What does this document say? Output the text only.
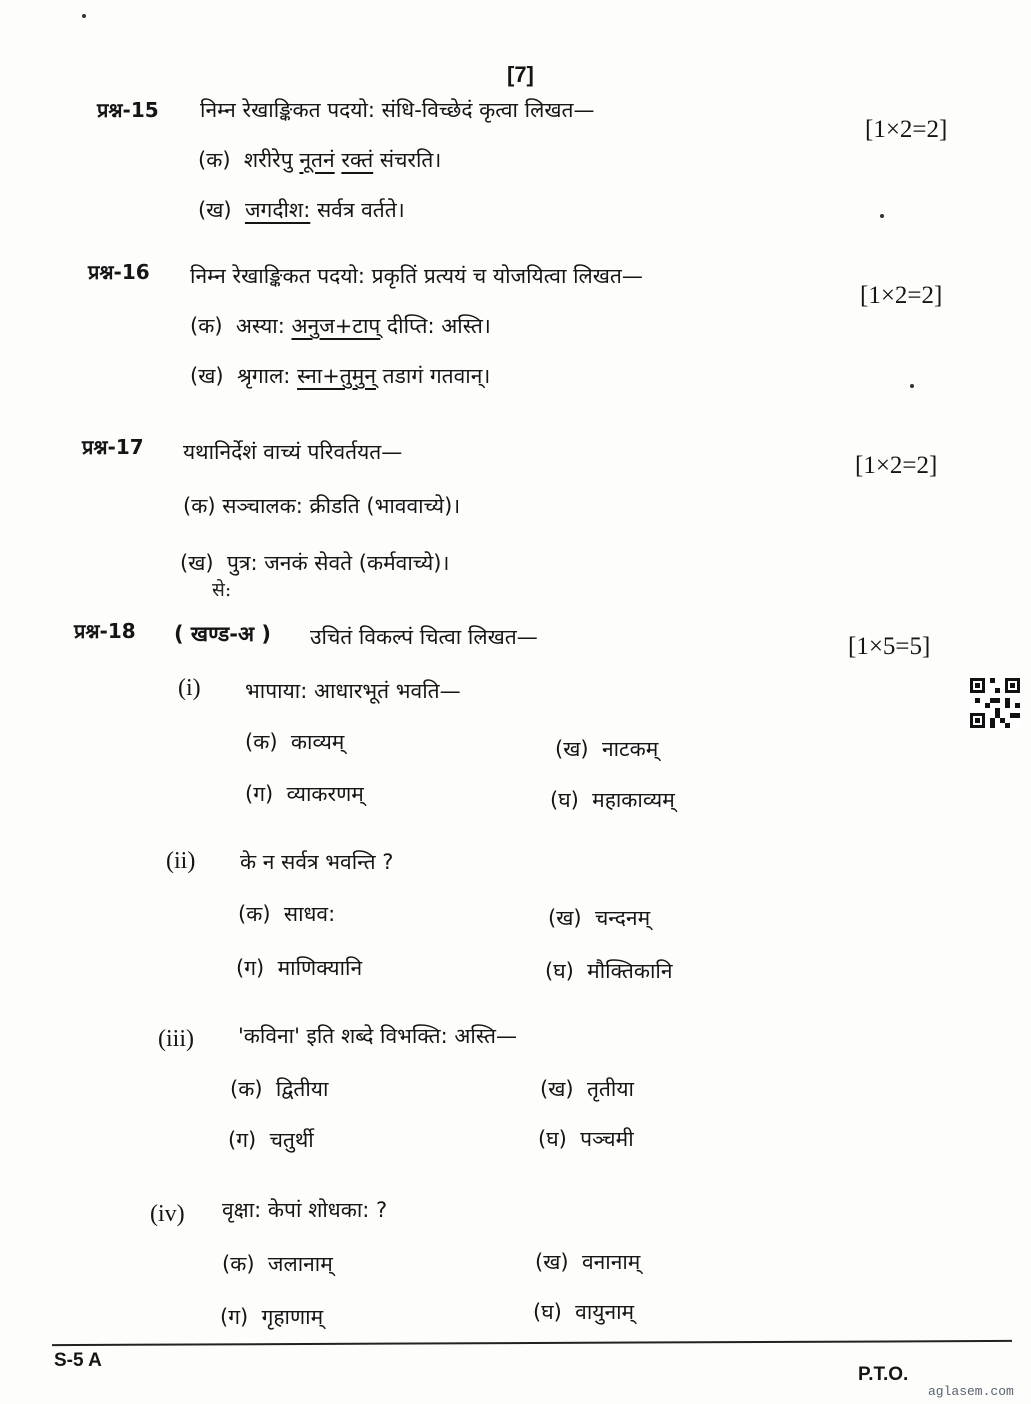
[7]
प्रश्न-15 निम्न रेखाङ्किकत पदयो: संधि-विच्छेदं कृत्वा लिखत—
[1×2=2]
(क) शरीरेपु नूतनं रक्तं संचरति।
(ख) जगदीश: सर्वत्र वर्तते।
प्रश्न-16 निम्न रेखाङ्किकत पदयो: प्रकृतिं प्रत्ययं च योजयित्वा लिखत—
[1×2=2]
(क) अस्या: अनुज+टाप् दीप्ति: अस्ति।
(ख) श्रृगाल: स्ना+तुमुन् तडागं गतवान्।
प्रश्न-17 यथानिर्देशं वाच्यं परिवर्तयत—	[1×2=2]
(क) सञ्चालक: क्रीडति (भाववाच्ये)।
(ख) पुत्र: जनकं सेवते (कर्मवाच्ये)।
से:
प्रश्न-18 ( खण्ड-अ ) उचितं विकल्पं चित्वा लिखत—	[1×5=5]
(i) भापाया: आधारभूतं भवति—
(क) काव्यम्	(ख) नाटकम्
(ग) व्याकरणम्	(घ) महाकाव्यम्
(ii) के न सर्वत्र भवन्ति ?
(क) साधव:	(ख) चन्दनम्
(ग) माणिक्यानि	(घ) मौक्तिकानि
(iii) 'कविना' इति शब्दे विभक्ति: अस्ति—
(क) द्वितीया	(ख) तृतीया
(ग) चतुर्थी	(घ) पञ्चमी
(iv) वृक्षा: केपां शोधका: ?
(क) जलानाम्	(ख) वनानाम्
(ग) गृहाणाम्	(घ) वायुनाम्
S-5 A
P.T.O.
aglasem.com
